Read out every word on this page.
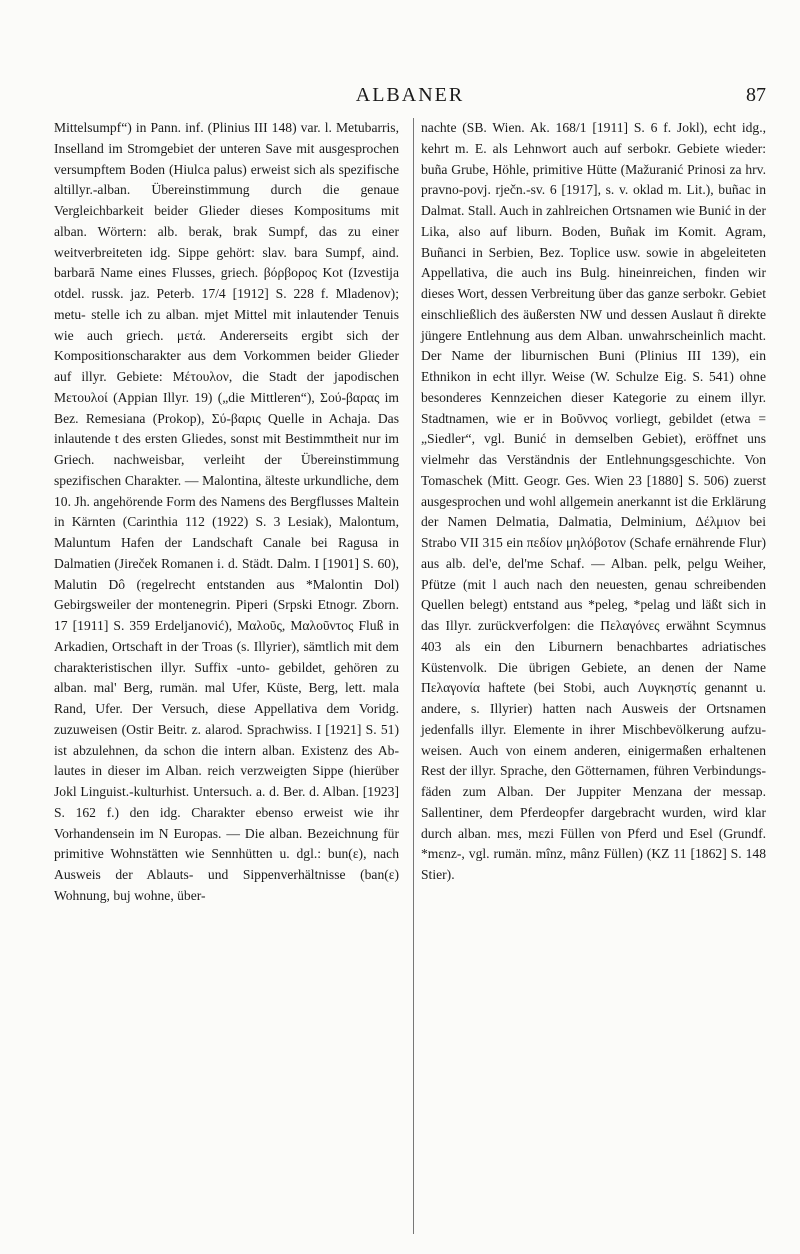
ALBANER	87

Mittelsumpf“) in Pann. inf. (Plinius III 148) var. l. Metubarris, Inselland im Stromgebiet der unteren Save mit ausgesprochen versumpftem Boden (Hiulca palus) erweist sich als spezifische altillyr.-alban. Übereinstimmung durch die genaue Vergleichbarkeit beider Glieder dieses Kompositums mit alban. Wörtern: alb. berak, brak Sumpf, das zu einer weitverbreiteten idg. Sippe gehört: slav. bara Sumpf, aind. barbarā Name eines Flusses, griech. βόρβορος Kot (Izvestija otdel. russk. jaz. Peterb. 17/4 [1912] S. 228 f. Mladenov); metu- stelle ich zu alban. mjet Mittel mit inlautender Tenuis wie auch griech. μετά. Andererseits ergibt sich der Kompositionscharakter aus dem Vorkommen beider Glieder auf illyr. Gebiete: Μέτουλον, die Stadt der japodischen Μετουλοί (Appian Illyr. 19) („die Mittleren“), Σού-βαρας im Bez. Remesiana (Prokop), Σύ-βαρις Quelle in Achaja. Das inlautende t des ersten Gliedes, sonst mit Bestimmtheit nur im Griech. nachweisbar, verleiht der Übereinstimmung spezifischen Charakter. — Malontina, älteste urkundliche, dem 10. Jh. angehörende Form des Namens des Bergflusses Maltein in Kärnten (Carinthia 112 (1922) S. 3 Lesiak), Malontum, Maluntum Hafen der Landschaft Canale bei Ragusa in Dalmatien (Jireček Romanen i. d. Städt. Dalm. I [1901] S. 60), Malutin Dô (regelrecht entstanden aus *Malontin Dol) Gebirgsweiler der montenegrin. Piperi (Srpski Etnogr. Zborn. 17 [1911] S. 359 Erdeljanović), Μαλοῦς, Μαλοῦντος Fluß in Arkadien, Ortschaft in der Troas (s. Illyrier), sämtlich mit dem charakteristischen illyr. Suffix -unto- gebildet, gehören zu alban. mal' Berg, rumän. mal Ufer, Küste, Berg, lett. mala Rand, Ufer. Der Versuch, diese Appellativa dem Voridg. zuzuweisen (Ostir Beitr. z. alarod. Sprachwiss. I [1921] S. 51) ist abzulehnen, da schon die intern alban. Existenz des Ablautes in dieser im Alban. reich verzweigten Sippe (hierüber Jokl Linguist.-kulturhist. Untersuch. a. d. Ber. d. Alban. [1923] S. 162 f.) den idg. Charakter ebenso erweist wie ihr Vorhandensein im N Europas. — Die alban. Bezeichnung für primitive Wohnstätten wie Sennhütten u. dgl.: bun(ε), nach Ausweis der Ablauts- und Sippenverhältnisse (ban(ε) Wohnung, buj wohne, über-

nachte (SB. Wien. Ak. 168/1 [1911] S. 6 f. Jokl), echt idg., kehrt m. E. als Lehnwort auch auf serbokr. Gebiete wieder: buña Grube, Höhle, primitive Hütte (Mažuranić Prinosi za hrv. pravno-povj. rječn.-sv. 6 [1917], s. v. oklad m. Lit.), buñac in Dalmat. Stall. Auch in zahlreichen Ortsnamen wie Bunić in der Lika, also auf liburn. Boden, Buñak im Komit. Agram, Buñanci in Serbien, Bez. Toplice usw. sowie in abgeleiteten Appellativa, die auch ins Bulg. hineinreichen, finden wir dieses Wort, dessen Verbreitung über das ganze serbokr. Gebiet einschließlich des äußersten NW und dessen Auslaut ñ direkte jüngere Entlehnung aus dem Alban. unwahrscheinlich macht. Der Name der liburnischen Buni (Plinius III 139), ein Ethnikon in echt illyr. Weise (W. Schulze Eig. S. 541) ohne besonderes Kennzeichen dieser Kategorie zu einem illyr. Stadtnamen, wie er in Βοῦννος vorliegt, gebildet (etwa = „Siedler“, vgl. Bunić in demselben Gebiet), eröffnet uns vielmehr das Verständnis der Entlehnungsgeschichte. Von Tomaschek (Mitt. Geogr. Ges. Wien 23 [1880] S. 506) zuerst ausgesprochen und wohl allgemein anerkannt ist die Erklärung der Namen Delmatia, Dalmatia, Delminium, Δέλμιον bei Strabo VII 315 ein πεδίον μηλόβοτον (Schafe ernährende Flur) aus alb. del'e, del'me Schaf. — Alban. pelk, pelgu Weiher, Pfütze (mit l auch nach den neuesten, genau schreibenden Quellen belegt) entstand aus *peleg, *pelag und läßt sich in das Illyr. zurückverfolgen: die Πελαγόνες erwähnt Scymnus 403 als ein den Liburnern benachbartes adriatisches Küstenvolk. Die übrigen Gebiete, an denen der Name Πελαγονία haftete (bei Stobi, auch Λυγκηστίς genannt u. andere, s. Illyrier) hatten nach Ausweis der Ortsnamen jedenfalls illyr. Elemente in ihrer Mischbevölkerung aufzuweisen. Auch von einem anderen, einigermaßen erhaltenen Rest der illyr. Sprache, den Götternamen, führen Verbindungsfäden zum Alban. Der Juppiter Menzana der messap. Sallentiner, dem Pferdeopfer dargebracht wurden, wird klar durch alban. mεs, mεzi Füllen von Pferd und Esel (Grundf. *mεnz-, vgl. rumän. mînz, mânz Füllen) (KZ 11 [1862] S. 148 Stier).
